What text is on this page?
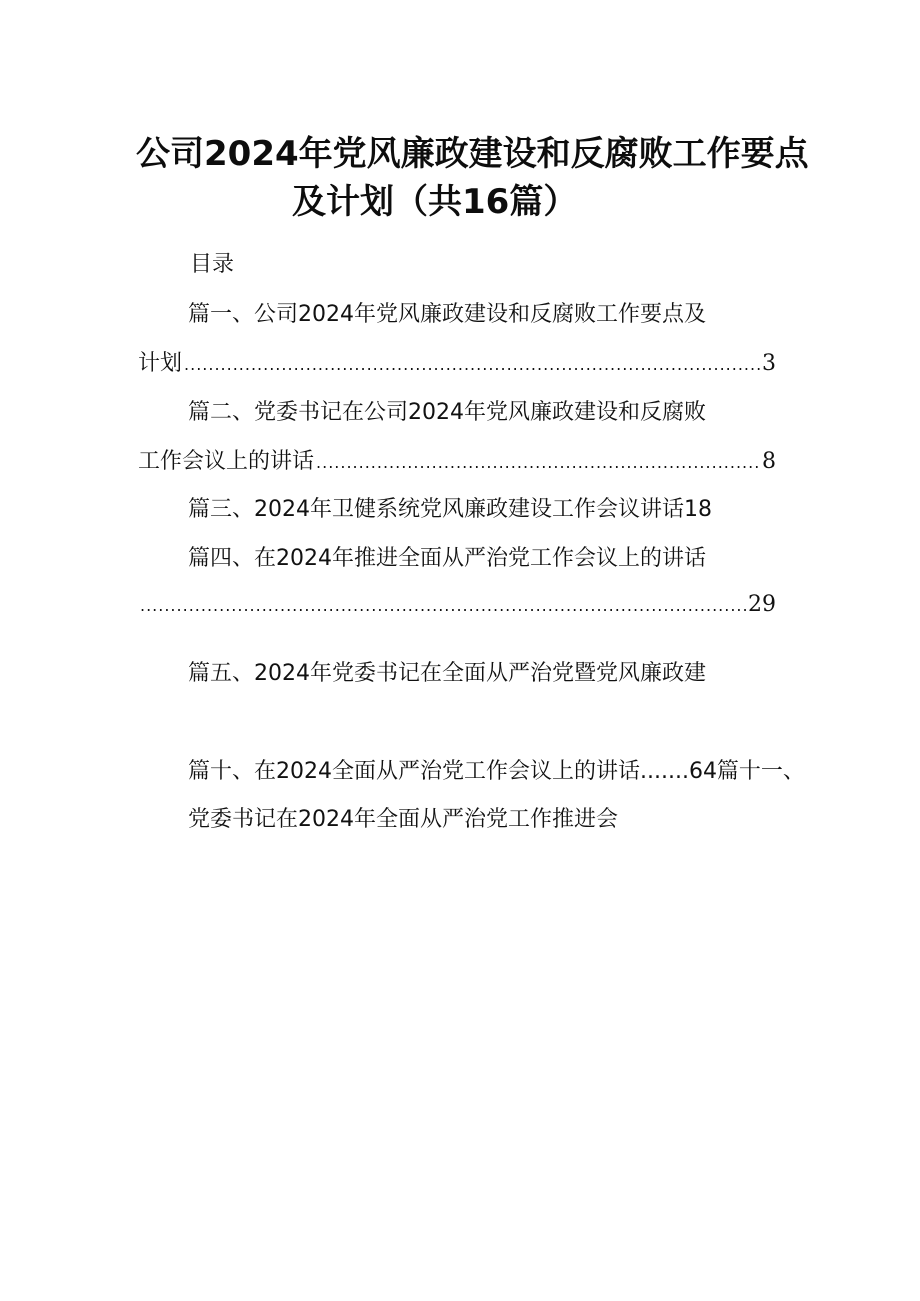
公司2024年党风廉政建设和反腐败工作要点
及计划（共16篇）
目录
篇一、公司2024年党风廉政建设和反腐败工作要点及
计划 .....	3
篇二、党委书记在公司2024年党风廉政建设和反腐败
工作会议上的讲话 .....	8
篇三、2024年卫健系统党风廉政建设工作会议讲话18
篇四、在2024年推进全面从严治党工作会议上的讲话
.....
29
篇五、2024年党委书记在全面从严治党暨党风廉政建
篇十、在2024全面从严治党工作会议上的讲话.......64篇十一、
党委书记在2024年全面从严治党工作推进会
